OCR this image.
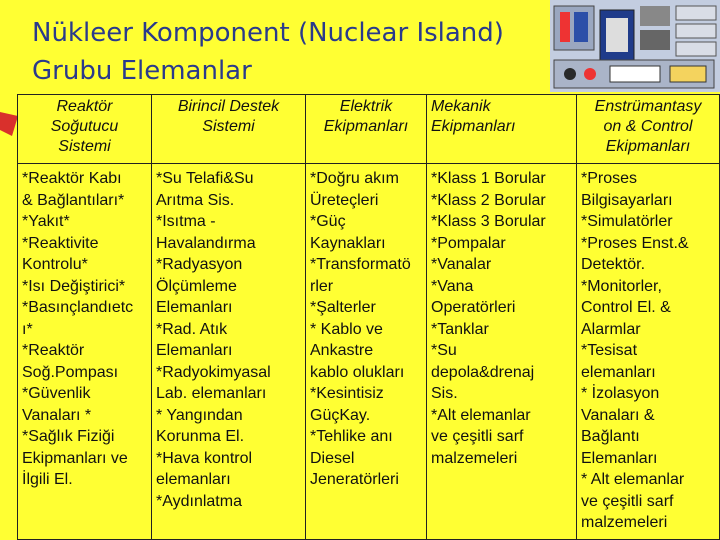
Nükleer Komponent (Nuclear Island)
Grubu Elemanlar
Reaktör
Soğutucu
Sistemi
Birincil Destek
Sistemi
Elektrik
Ekipmanları
Mekanik
Ekipmanları
Enstrümantasy
on & Control
Ekipmanları
*Reaktör Kabı
& Bağlantıları*
*Yakıt*
*Reaktivite
Kontrolu*
*Isı Değiştirici*
*Basınçlandıetc
ı*
*Reaktör
Soğ.Pompası
*Güvenlik
Vanaları *
*Sağlık Fiziği
Ekipmanları ve
İlgili El.
*Su Telafi&Su
Arıtma Sis.
*Isıtma -
Havalandırma
*Radyasyon
Ölçümleme
Elemanları
*Rad. Atık
Elemanları
*Radyokimyasal
Lab. elemanları
* Yangından
Korunma El.
*Hava kontrol
elemanları
*Aydınlatma
*Doğru akım
Üreteçleri
*Güç
Kaynakları
*Transformatö
rler
*Şalterler
* Kablo ve
Ankastre
kablo olukları
*Kesintisiz
GüçKay.
*Tehlike anı
Diesel
Jeneratörleri
*Klass 1 Borular
*Klass 2 Borular
*Klass 3 Borular
*Pompalar
*Vanalar
*Vana
Operatörleri
*Tanklar
*Su
depola&drenaj
Sis.
*Alt elemanlar
ve çeşitli sarf
malzemeleri
*Proses
Bilgisayarları
*Simulatörler
*Proses Enst.&
Detektör.
*Monitorler,
Control El. &
Alarmlar
*Tesisat
elemanları
* İzolasyon
Vanaları &
Bağlantı
Elemanları
* Alt elemanlar
ve çeşitli sarf
malzemeleri
